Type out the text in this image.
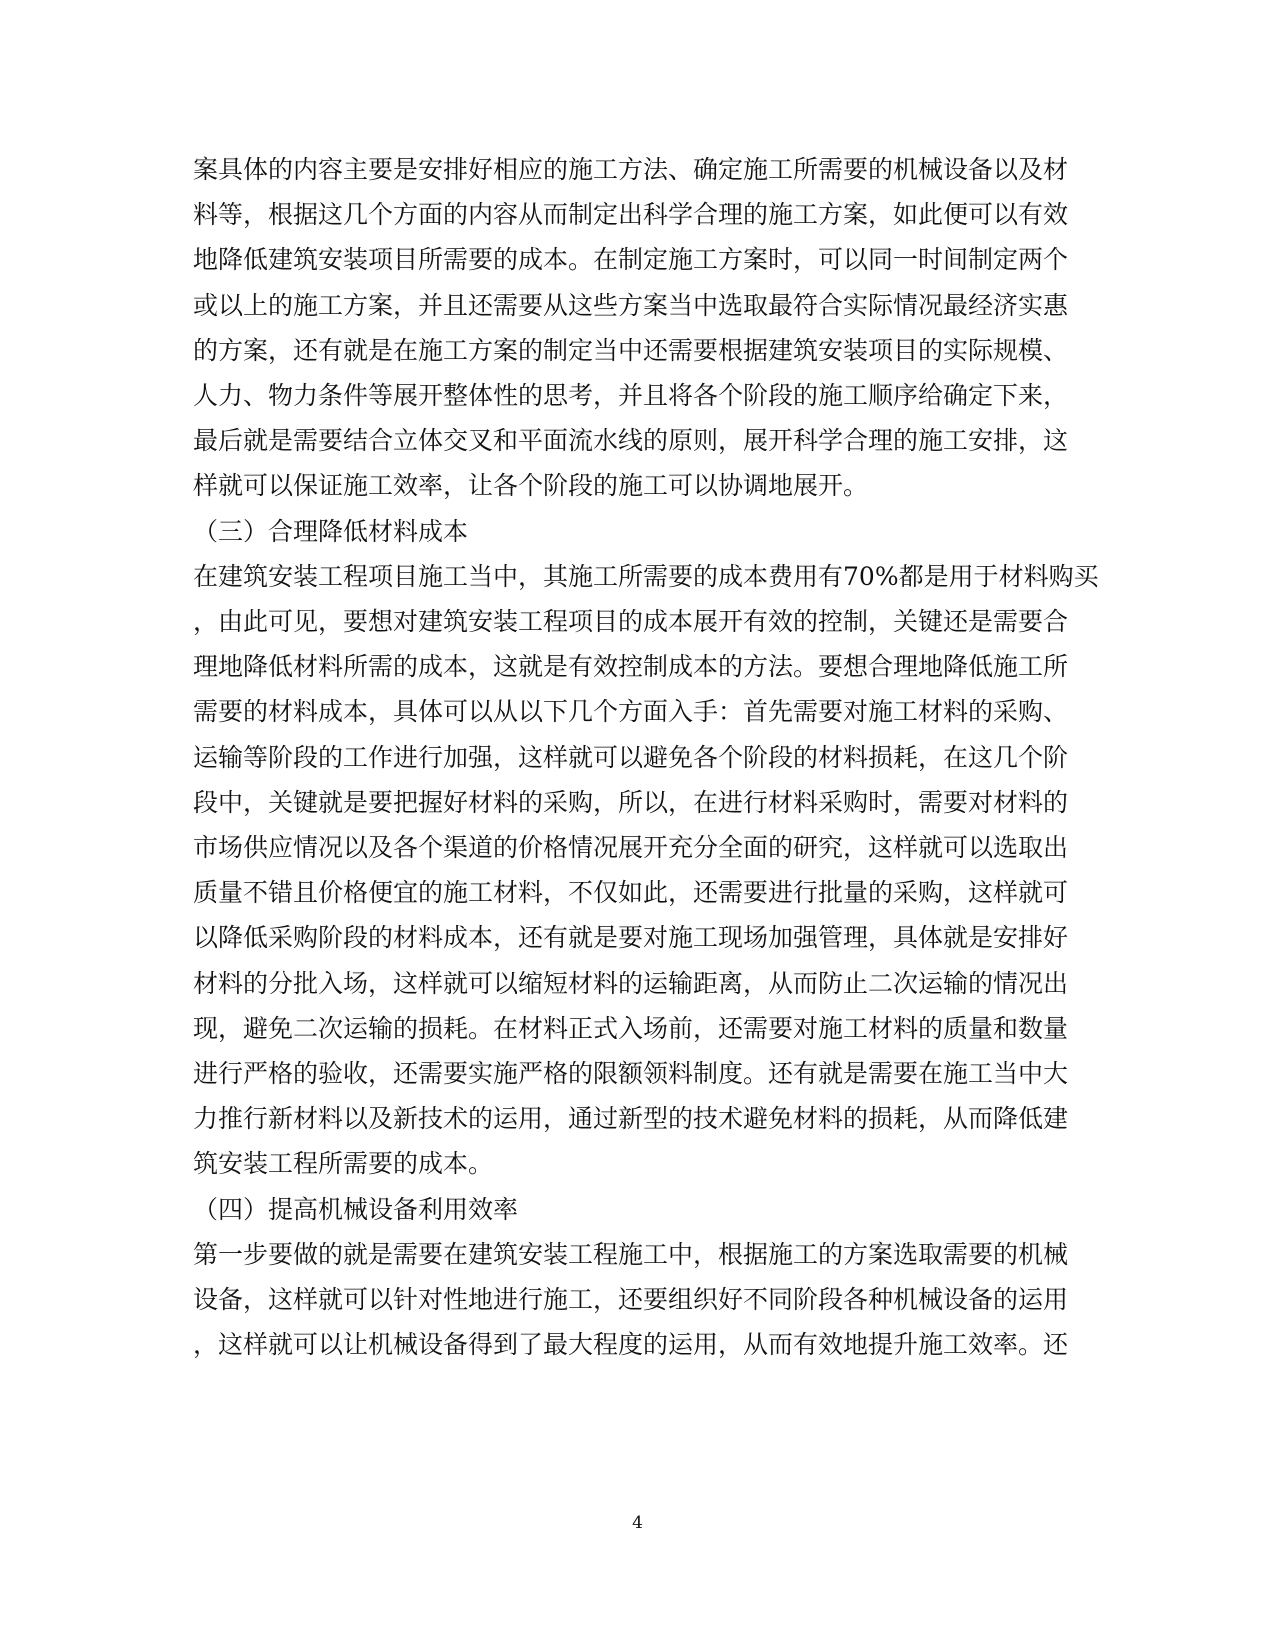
案具体的内容主要是安排好相应的施工方法、确定施工所需要的机械设备以及材
料等，根据这几个方面的内容从而制定出科学合理的施工方案，如此便可以有效
地降低建筑安装项目所需要的成本。在制定施工方案时，可以同一时间制定两个
或以上的施工方案，并且还需要从这些方案当中选取最符合实际情况最经济实惠
的方案，还有就是在施工方案的制定当中还需要根据建筑安装项目的实际规模、
人力、物力条件等展开整体性的思考，并且将各个阶段的施工顺序给确定下来，
最后就是需要结合立体交叉和平面流水线的原则，展开科学合理的施工安排，这
样就可以保证施工效率，让各个阶段的施工可以协调地展开。
（三）合理降低材料成本
在建筑安装工程项目施工当中，其施工所需要的成本费用有70%都是用于材料购买
，由此可见，要想对建筑安装工程项目的成本展开有效的控制，关键还是需要合
理地降低材料所需的成本，这就是有效控制成本的方法。要想合理地降低施工所
需要的材料成本，具体可以从以下几个方面入手：首先需要对施工材料的采购、
运输等阶段的工作进行加强，这样就可以避免各个阶段的材料损耗，在这几个阶
段中，关键就是要把握好材料的采购，所以，在进行材料采购时，需要对材料的
市场供应情况以及各个渠道的价格情况展开充分全面的研究，这样就可以选取出
质量不错且价格便宜的施工材料，不仅如此，还需要进行批量的采购，这样就可
以降低采购阶段的材料成本，还有就是要对施工现场加强管理，具体就是安排好
材料的分批入场，这样就可以缩短材料的运输距离，从而防止二次运输的情况出
现，避免二次运输的损耗。在材料正式入场前，还需要对施工材料的质量和数量
进行严格的验收，还需要实施严格的限额领料制度。还有就是需要在施工当中大
力推行新材料以及新技术的运用，通过新型的技术避免材料的损耗，从而降低建
筑安装工程所需要的成本。
（四）提高机械设备利用效率
第一步要做的就是需要在建筑安装工程施工中，根据施工的方案选取需要的机械
设备，这样就可以针对性地进行施工，还要组织好不同阶段各种机械设备的运用
，这样就可以让机械设备得到了最大程度的运用，从而有效地提升施工效率。还
4
